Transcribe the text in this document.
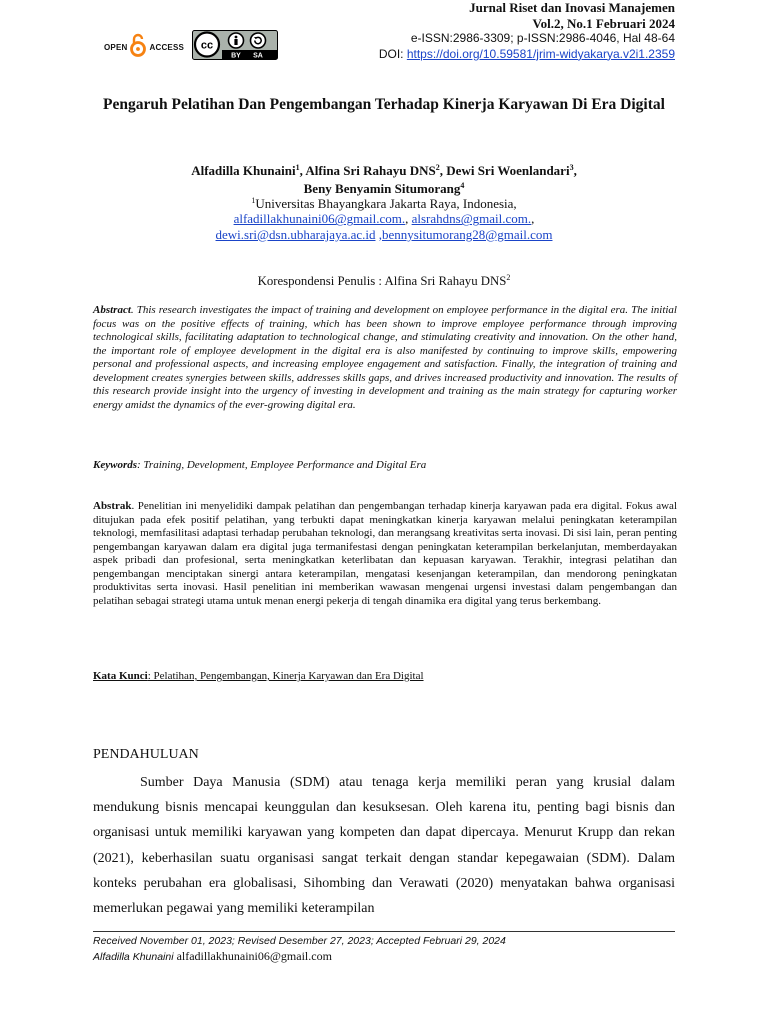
OPEN	ACCESS cc
BY SA
Jurnal Riset dan Inovasi Manajemen
Vol.2, No.1 Februari 2024
e-ISSN:2986-3309; p-ISSN:2986-4046, Hal 48-64
DOI: https://doi.org/10.59581/jrim-widyakarya.v2i1.2359
Pengaruh Pelatihan Dan Pengembangan Terhadap Kinerja Karyawan Di Era Digital
Alfadilla Khunaini$^1$, Alfina Sri Rahayu DNS$^2$, Dewi Sri Woenlandari$^3$,
Beny Benyamin Situmorang$^4$
$^1$Universitas Bhayangkara Jakarta Raya, Indonesia,
alfadillakhunaini06@gmail.com., alsrahdns@gmail.com.,
dewi.sri@dsn.ubharajaya.ac.id ,bennysitumorang28@gmail.com
Korespondensi Penulis : Alfina Sri Rahayu DNS$^2$
Abstract. This research investigates the impact of training and development on employee performance in the digital era. The initial focus was on the positive effects of training, which has been shown to improve employee performance through improving technological skills, facilitating adaptation to technological change, and stimulating creativity and innovation. On the other hand, the important role of employee development in the digital era is also manifested by continuing to improve skills, empowering personal and professional aspects, and increasing employee engagement and satisfaction. Finally, the integration of training and development creates synergies between skills, addresses skills gaps, and drives increased productivity and innovation. The results of this research provide insight into the urgency of investing in development and training as the main strategy for capturing worker energy amidst the dynamics of the ever-growing digital era.
Keywords: Training, Development, Employee Performance and Digital Era
Abstrak. Penelitian ini menyelidiki dampak pelatihan dan pengembangan terhadap kinerja karyawan pada era digital. Fokus awal ditujukan pada efek positif pelatihan, yang terbukti dapat meningkatkan kinerja karyawan melalui peningkatan keterampilan teknologi, memfasilitasi adaptasi terhadap perubahan teknologi, dan merangsang kreativitas serta inovasi. Di sisi lain, peran penting pengembangan karyawan dalam era digital juga termanifestasi dengan peningkatan keterampilan berkelanjutan, memberdayakan aspek pribadi dan profesional, serta meningkatkan keterlibatan dan kepuasan karyawan. Terakhir, integrasi pelatihan dan pengembangan menciptakan sinergi antara keterampilan, mengatasi kesenjangan keterampilan, dan mendorong peningkatan produktivitas serta inovasi. Hasil penelitian ini memberikan wawasan mengenai urgensi investasi dalam pengembangan dan pelatihan sebagai strategi utama untuk menan energi pekerja di tengah dinamika era digital yang terus berkembang.
Kata Kunci: Pelatihan, Pengembangan, Kinerja Karyawan dan Era Digital
PENDAHULUAN
Sumber Daya Manusia (SDM) atau tenaga kerja memiliki peran yang krusial dalam mendukung bisnis mencapai keunggulan dan kesuksesan. Oleh karena itu, penting bagi bisnis dan organisasi untuk memiliki karyawan yang kompeten dan dapat dipercaya. Menurut Krupp dan rekan (2021), keberhasilan suatu organisasi sangat terkait dengan standar kepegawaian (SDM). Dalam konteks perubahan era globalisasi, Sihombing dan Verawati (2020) menyatakan bahwa organisasi memerlukan pegawai yang memiliki keterampilan
Received November 01, 2023; Revised Desember 27, 2023; Accepted Februari 29, 2024
Alfadilla Khunaini alfadillakhunaini06@gmail.com
